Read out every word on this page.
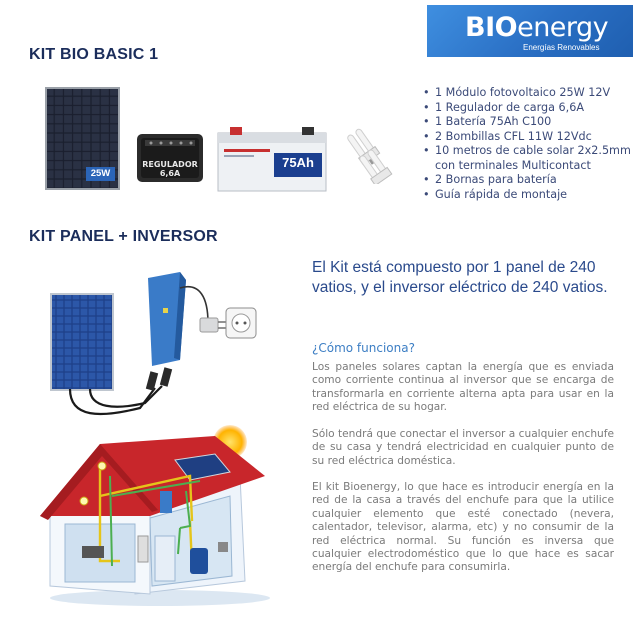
BIOenergy
Energías Renovables
KIT BIO BASIC 1
25W
REGULADOR
6,6A
75Ah
• 1 Módulo fotovoltaico 25W 12V
• 1 Regulador de carga 6,6A
• 1 Batería 75Ah C100
• 2 Bombillas CFL 11W 12Vdc
• 10 metros de cable solar 2x2.5mm con terminales Multicontact
• 2 Bornas para batería
• Guía rápida de montaje
KIT PANEL + INVERSOR
El Kit está compuesto por 1 panel de 240 vatios, y el inversor eléctrico de 240 vatios.
¿Cómo funciona?

Los paneles solares captan la energía que es enviada como corriente continua al inversor que se encarga de transformarla en corriente alterna apta para usar en la red eléctrica de su hogar.

Sólo tendrá que conectar el inversor a cualquier enchufe de su casa y tendrá electricidad en cualquier punto de su red eléctrica doméstica.

El kit Bioenergy, lo que hace es introducir energía en la red de la casa a través del enchufe para que la utilice cualquier elemento que esté conectado (nevera, calentador, televisor, alarma, etc) y no consumir de la red eléctrica normal. Su función es inversa que cualquier electrodoméstico que lo que hace es sacar energía del enchufe para consumirla.
